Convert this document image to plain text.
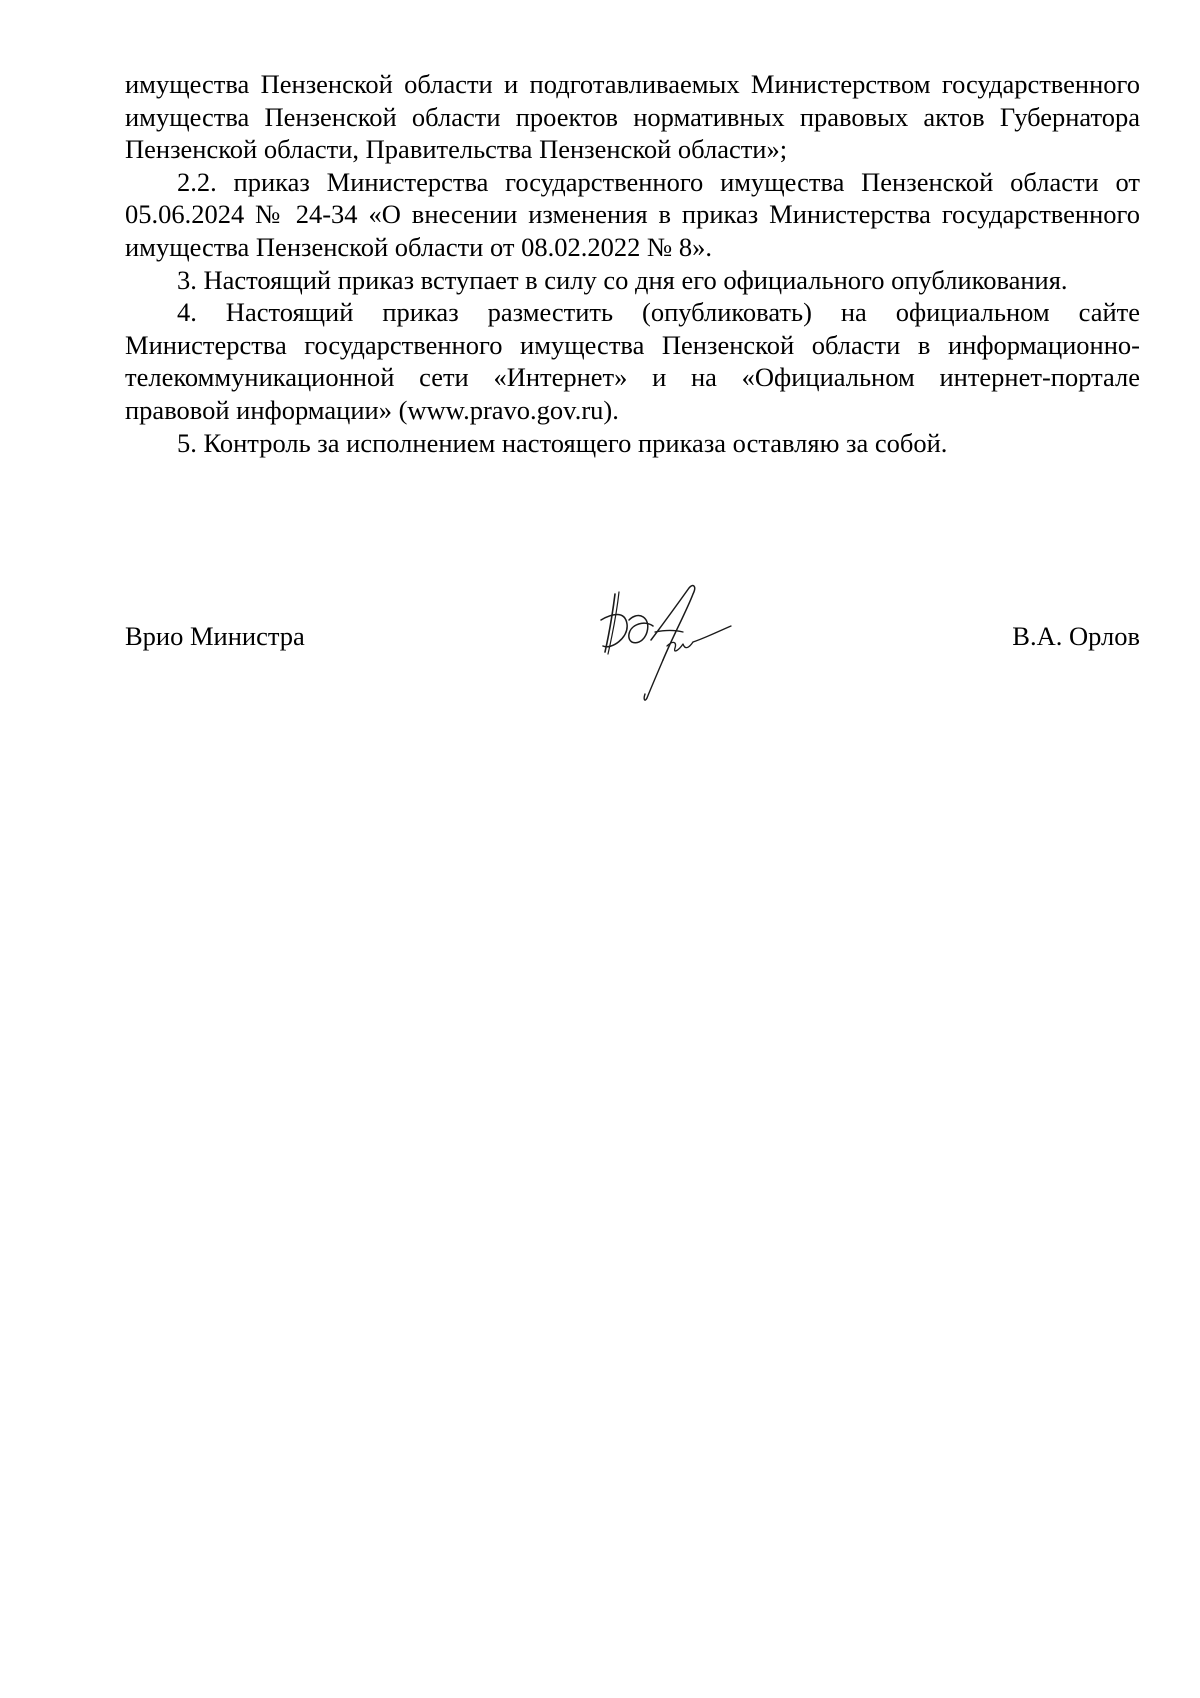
имущества Пензенской области и подготавливаемых Министерством государственного имущества Пензенской области проектов нормативных правовых актов Губернатора Пензенской области, Правительства Пензенской области»;

2.2. приказ Министерства государственного имущества Пензенской области от 05.06.2024 № 24-34 «О внесении изменения в приказ Министерства государственного имущества Пензенской области от 08.02.2022 № 8».

3. Настоящий приказ вступает в силу со дня его официального опубликования.

4. Настоящий приказ разместить (опубликовать) на официальном сайте Министерства государственного имущества Пензенской области в информационно-телекоммуникационной сети «Интернет» и на «Официальном интернет-портале правовой информации» (www.pravo.gov.ru).

5. Контроль за исполнением настоящего приказа оставляю за собой.

Врио Министра	В.А. Орлов
